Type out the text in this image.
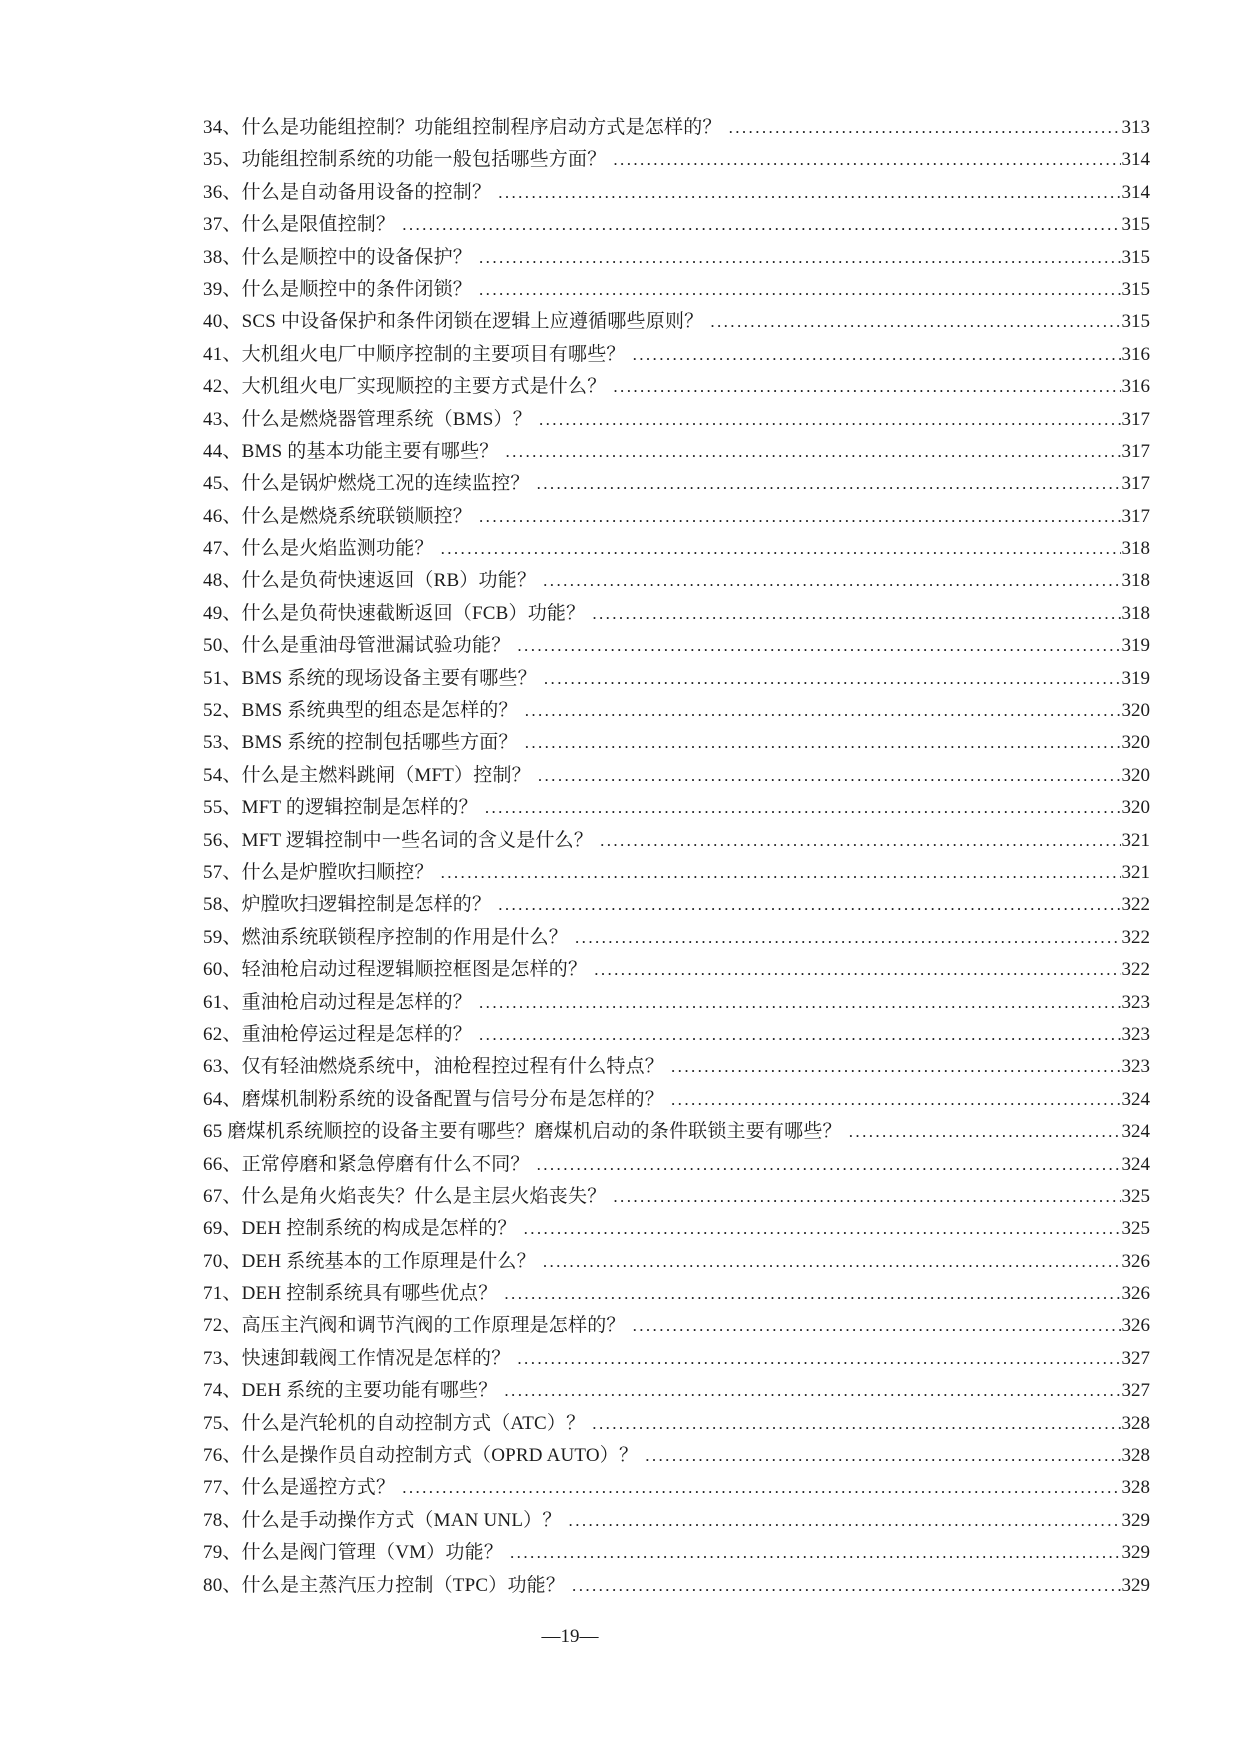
34、什么是功能组控制？功能组控制程序启动方式是怎样的？ .....	313
35、功能组控制系统的功能一般包括哪些方面？ .....	314
36、什么是自动备用设备的控制？ .....	314
37、什么是限值控制？ .....	315
38、什么是顺控中的设备保护？ .....	315
39、什么是顺控中的条件闭锁？ .....	315
40、SCS 中设备保护和条件闭锁在逻辑上应遵循哪些原则？ .....	315
41、大机组火电厂中顺序控制的主要项目有哪些？ .....	316
42、大机组火电厂实现顺控的主要方式是什么？ .....	316
43、什么是燃烧器管理系统（BMS）？ .....	317
44、BMS 的基本功能主要有哪些？ .....	317
45、什么是锅炉燃烧工况的连续监控？ .....	317
46、什么是燃烧系统联锁顺控？ .....	317
47、什么是火焰监测功能？ .....	318
48、什么是负荷快速返回（RB）功能？ .....	318
49、什么是负荷快速截断返回（FCB）功能？ .....	318
50、什么是重油母管泄漏试验功能？ .....	319
51、BMS 系统的现场设备主要有哪些？ .....	319
52、BMS 系统典型的组态是怎样的？ .....	320
53、BMS 系统的控制包括哪些方面？ .....	320
54、什么是主燃料跳闸（MFT）控制？ .....	320
55、MFT 的逻辑控制是怎样的？ .....	320
56、MFT 逻辑控制中一些名词的含义是什么？ .....	321
57、什么是炉膛吹扫顺控？ .....	321
58、炉膛吹扫逻辑控制是怎样的？ .....	322
59、燃油系统联锁程序控制的作用是什么？ .....	322
60、轻油枪启动过程逻辑顺控框图是怎样的？ .....	322
61、重油枪启动过程是怎样的？ .....	323
62、重油枪停运过程是怎样的？ .....	323
63、仅有轻油燃烧系统中，油枪程控过程有什么特点？ .....	323
64、磨煤机制粉系统的设备配置与信号分布是怎样的？ .....	324
65 磨煤机系统顺控的设备主要有哪些？磨煤机启动的条件联锁主要有哪些？ .....	324
66、正常停磨和紧急停磨有什么不同？ .....	324
67、什么是角火焰丧失？什么是主层火焰丧失？ .....	325
69、DEH 控制系统的构成是怎样的？ .....	325
70、DEH 系统基本的工作原理是什么？ .....	326
71、DEH 控制系统具有哪些优点？ .....	326
72、高压主汽阀和调节汽阀的工作原理是怎样的？ .....	326
73、快速卸载阀工作情况是怎样的？ .....	327
74、DEH 系统的主要功能有哪些？ .....	327
75、什么是汽轮机的自动控制方式（ATC）？ .....	328
76、什么是操作员自动控制方式（OPRD AUTO）？ .....	328
77、什么是遥控方式？ .....	328
78、什么是手动操作方式（MAN UNL）？ .....	329
79、什么是阀门管理（VM）功能？ .....	329
80、什么是主蒸汽压力控制（TPC）功能？ .....	329
—19—
